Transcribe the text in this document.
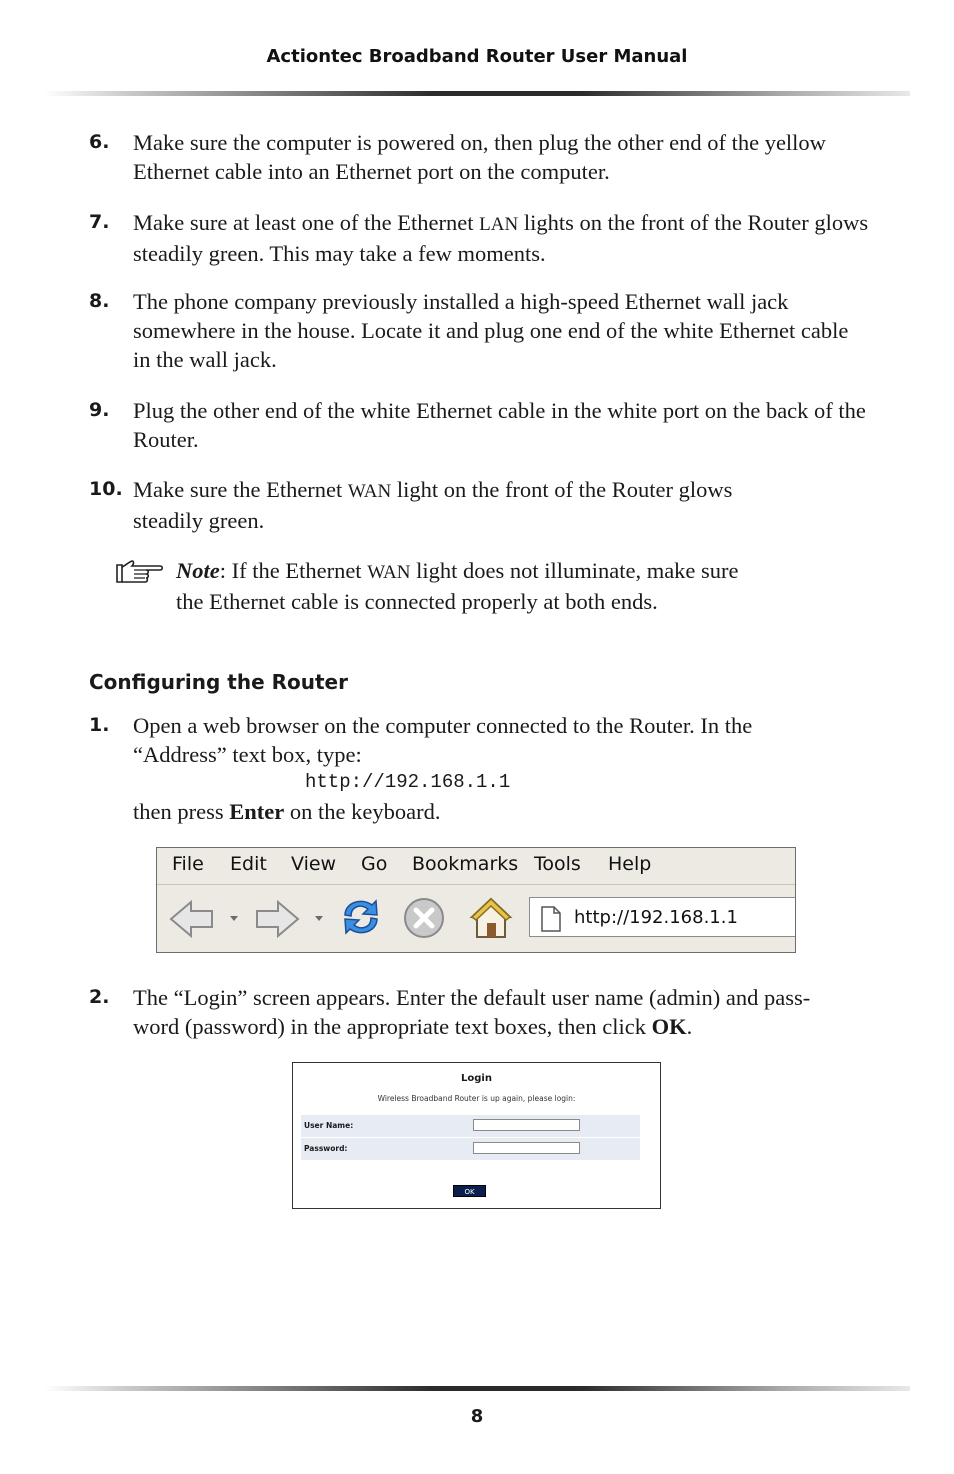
Actiontec Broadband Router User Manual
6. Make sure the computer is powered on, then plug the other end of the yellow Ethernet cable into an Ethernet port on the computer.
7. Make sure at least one of the Ethernet LAN lights on the front of the Router glows steadily green. This may take a few moments.
8. The phone company previously installed a high-speed Ethernet wall jack somewhere in the house. Locate it and plug one end of the white Ethernet cable in the wall jack.
9. Plug the other end of the white Ethernet cable in the white port on the back of the Router.
10. Make sure the Ethernet WAN light on the front of the Router glows
steadily green.
Note: If the Ethernet WAN light does not illuminate, make sure
the Ethernet cable is connected properly at both ends.
Configuring the Router
1. Open a web browser on the computer connected to the Router. In the
“Address” text box, type:
http://192.168.1.1
then press Enter on the keyboard.
File Edit View Go Bookmarks Tools Help
http://192.168.1.1
2. The “Login” screen appears. Enter the default user name (admin) and pass-
word (password) in the appropriate text boxes, then click OK.
Login
Wireless Broadband Router is up again, please login:
User Name:
Password:
OK
8
